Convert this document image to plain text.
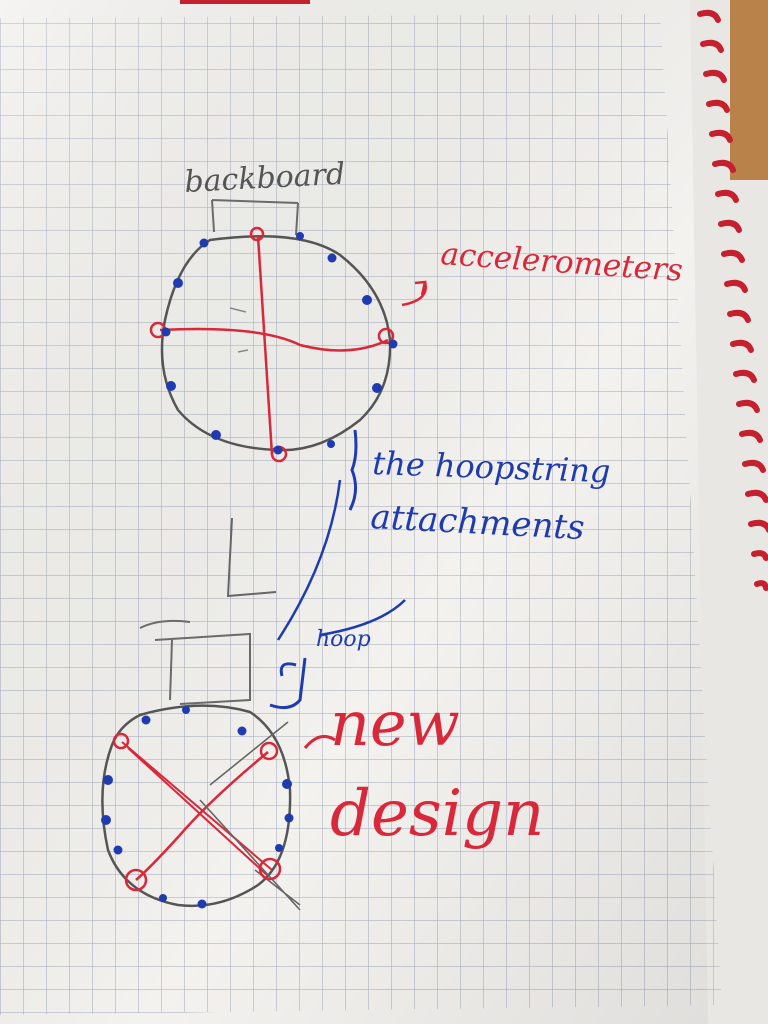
backboard
accelerometers
the hoopstring
attachments
hoop
new
design
